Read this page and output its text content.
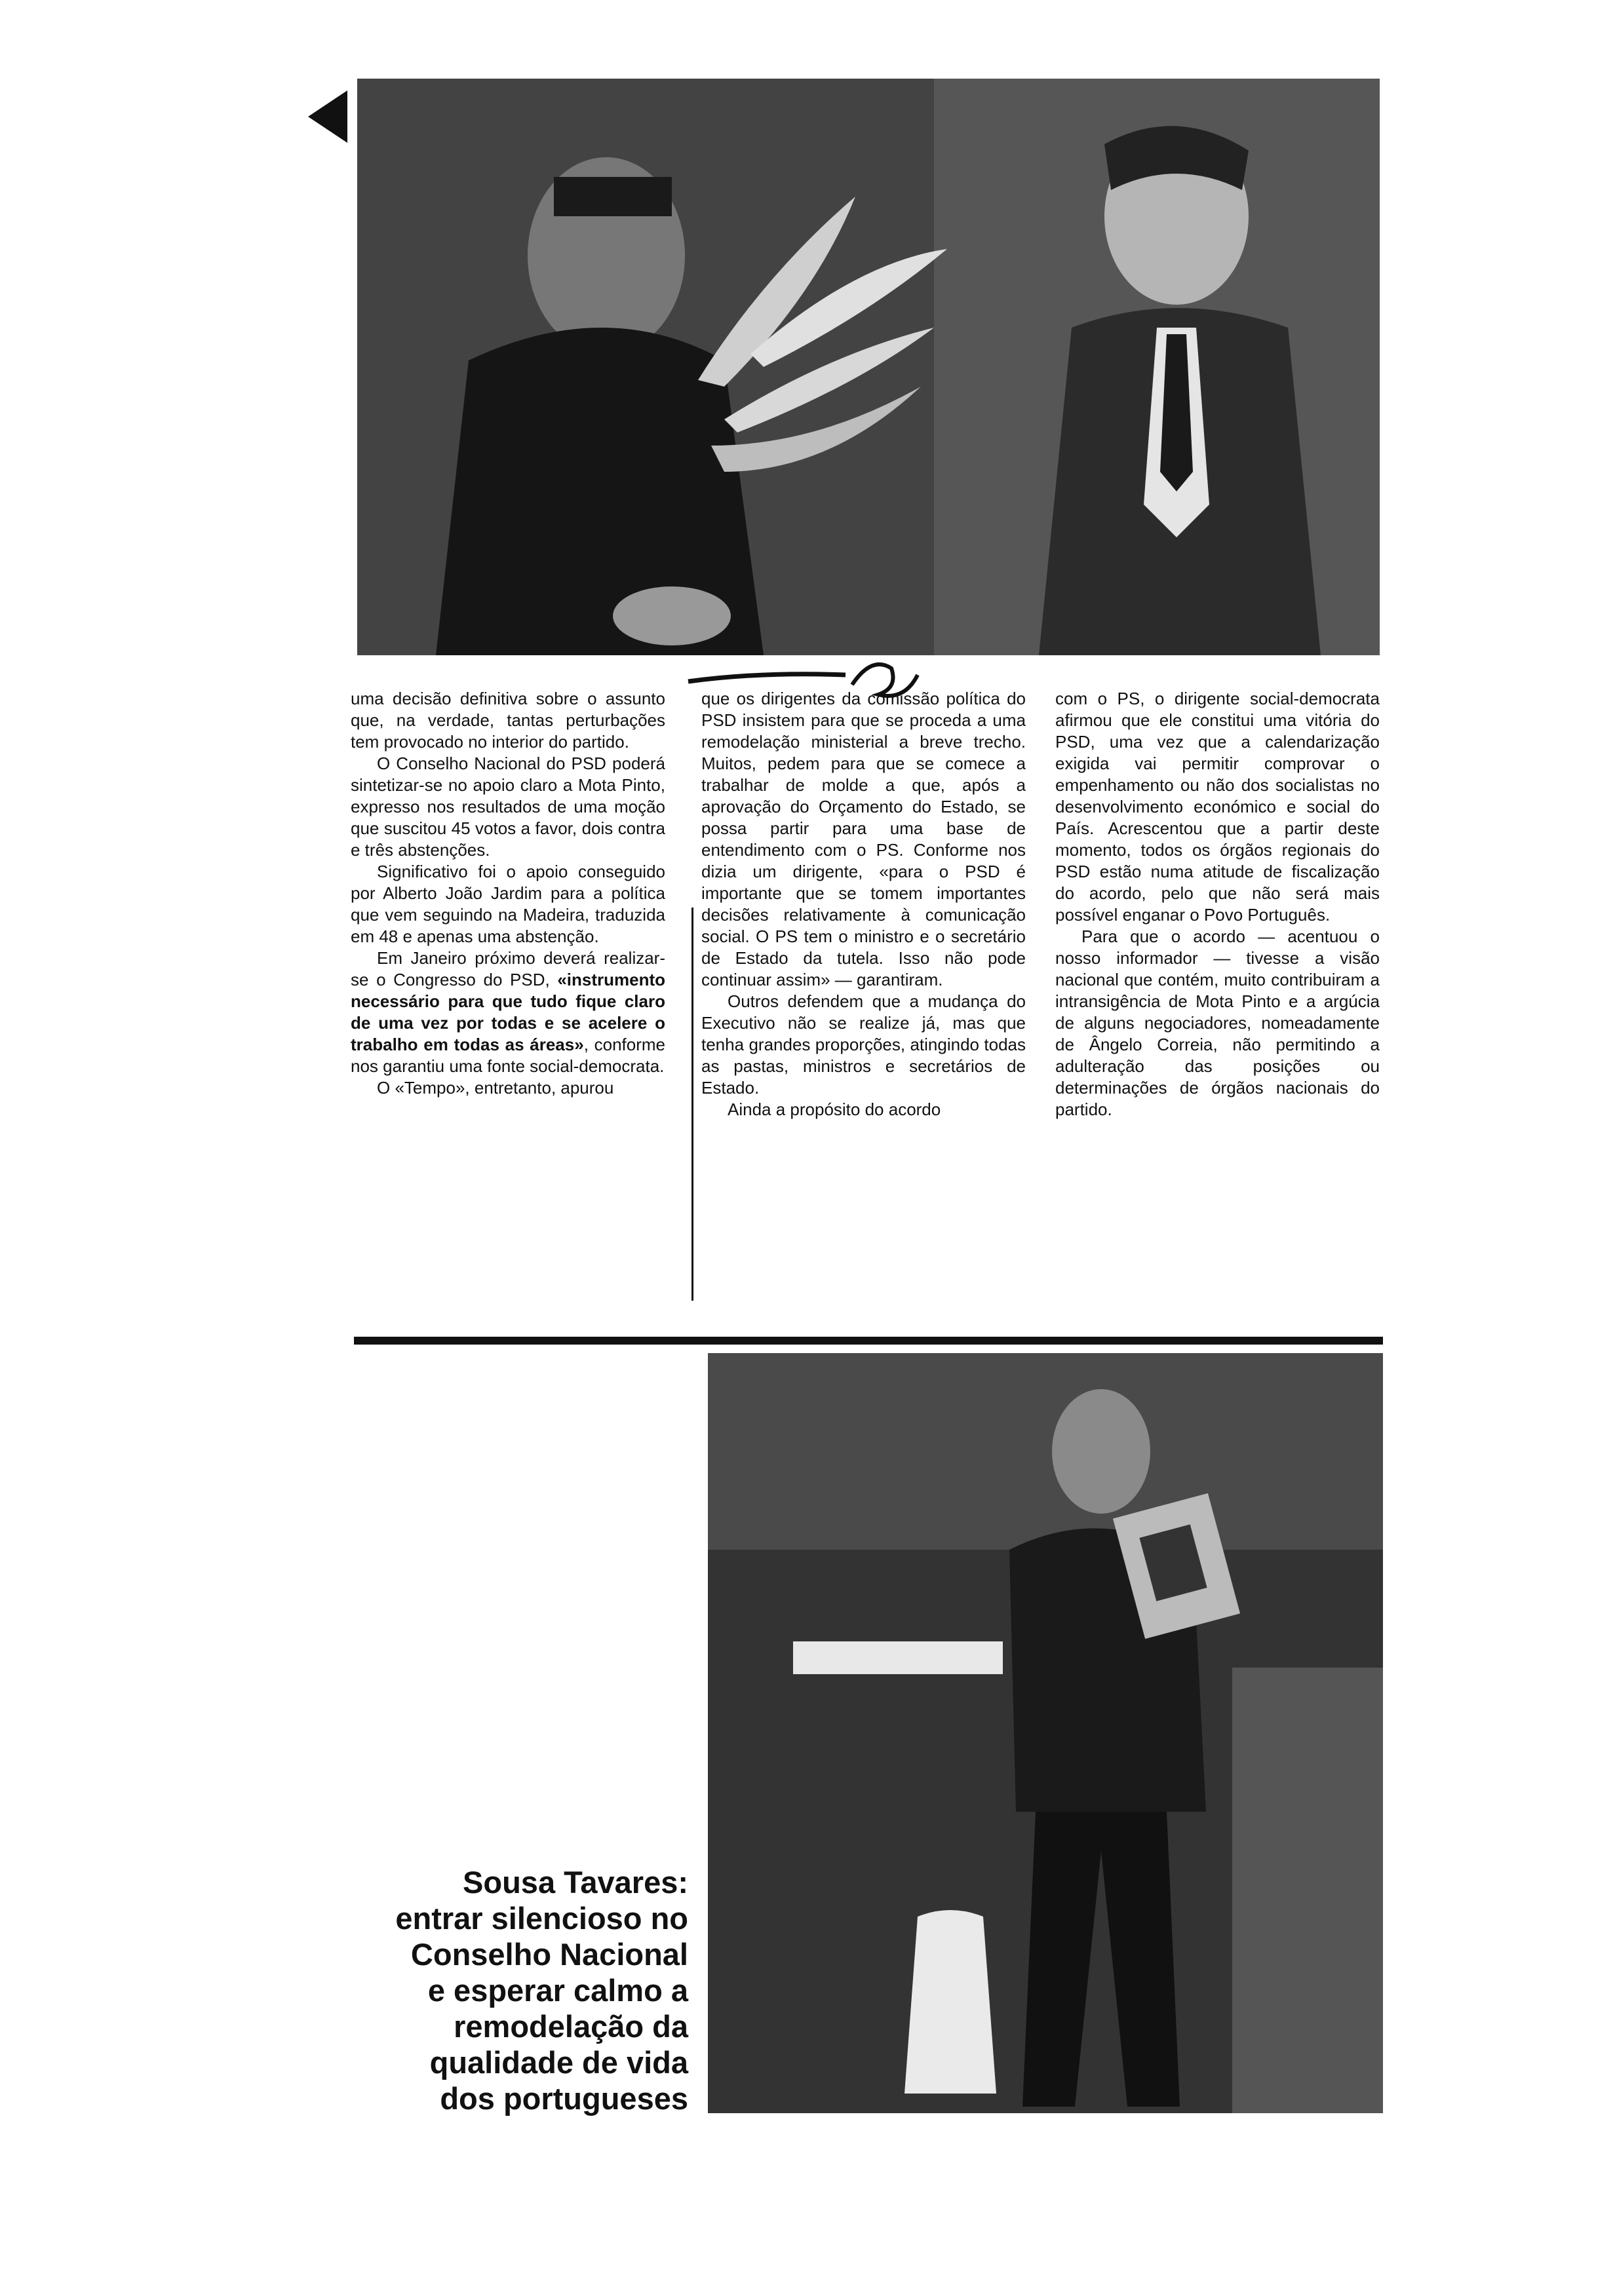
uma decisão definitiva sobre o assunto que, na verdade, tantas perturbações tem provocado no interior do partido.

O Conselho Nacional do PSD poderá sintetizar-se no apoio claro a Mota Pinto, expresso nos resultados de uma moção que suscitou 45 votos a favor, dois contra e três abstenções.

Significativo foi o apoio conseguido por Alberto João Jardim para a política que vem seguindo na Madeira, traduzida em 48 e apenas uma abstenção.

Em Janeiro próximo deverá realizar-se o Congresso do PSD, «instrumento necessário para que tudo fique claro de uma vez por todas e se acelere o trabalho em todas as áreas», conforme nos garantiu uma fonte social-democrata.

O «Tempo», entretanto, apurou

que os dirigentes da comissão política do PSD insistem para que se proceda a uma remodelação ministerial a breve trecho. Muitos, pedem para que se comece a trabalhar de molde a que, após a aprovação do Orçamento do Estado, se possa partir para uma base de entendimento com o PS. Conforme nos dizia um dirigente, «para o PSD é importante que se tomem importantes decisões relativamente à comunicação social. O PS tem o ministro e o secretário de Estado da tutela. Isso não pode continuar assim» — garantiram.

Outros defendem que a mudança do Executivo não se realize já, mas que tenha grandes proporções, atingindo todas as pastas, ministros e secretários de Estado.

Ainda a propósito do acordo

com o PS, o dirigente social-democrata afirmou que ele constitui uma vitória do PSD, uma vez que a calendarização exigida vai permitir comprovar o empenhamento ou não dos socialistas no desenvolvimento económico e social do País. Acrescentou que a partir deste momento, todos os órgãos regionais do PSD estão numa atitude de fiscalização do acordo, pelo que não será mais possível enganar o Povo Português.

Para que o acordo — acentuou o nosso informador — tivesse a visão nacional que contém, muito contribuiram a intransigência de Mota Pinto e a argúcia de alguns negociadores, nomeadamente de Ângelo Correia, não permitindo a adulteração das posições ou determinações de órgãos nacionais do partido.

Sousa Tavares:
entrar silencioso no
Conselho Nacional
e esperar calmo a
remodelação da
qualidade de vida
dos portugueses
